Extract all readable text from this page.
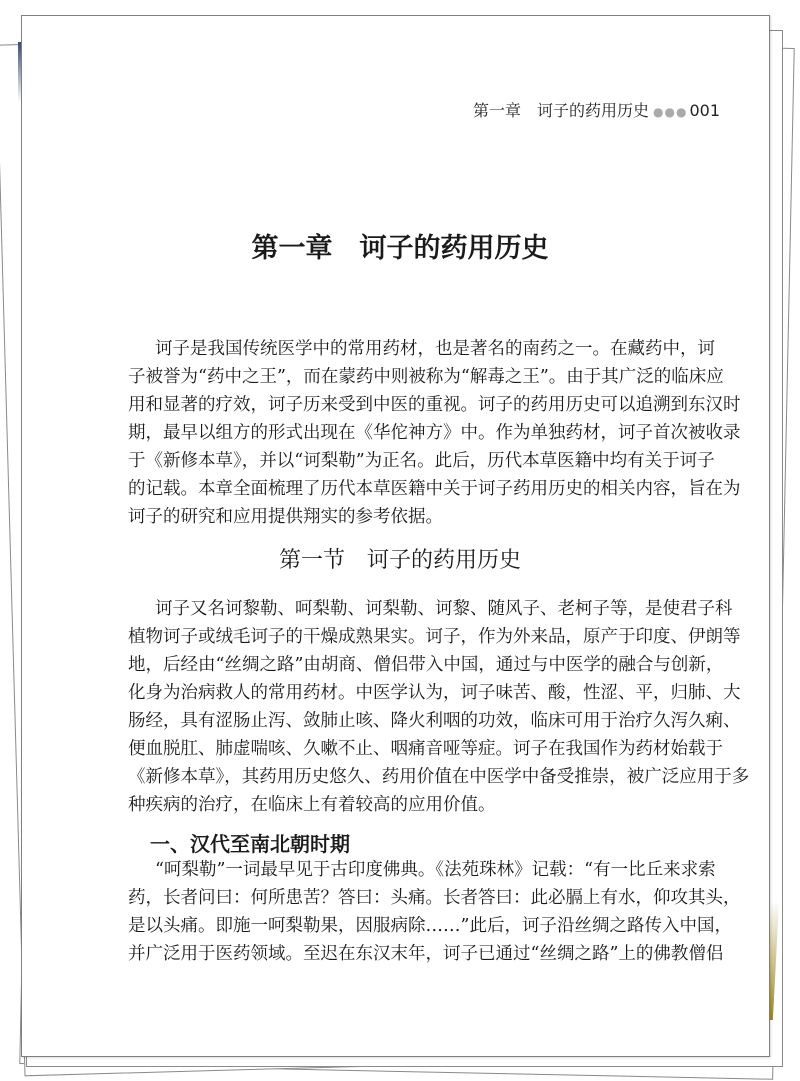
第一章　 诃子的药用历史 ●●● 001
第一章　诃子的药用历史
诃子是我国传统医学中的常用药材，也是著名的南药之一。在藏药中，诃
子被誉为“药中之王”，而在蒙药中则被称为“解毒之王”。由于其广泛的临床应
用和显著的疗效，诃子历来受到中医的重视。诃子的药用历史可以追溯到东汉时
期，最早以组方的形式出现在《华佗神方》中。作为单独药材，诃子首次被收录
于《新修本草》，并以“诃梨勒”为正名。此后，历代本草医籍中均有关于诃子
的记载。本章全面梳理了历代本草医籍中关于诃子药用历史的相关内容，旨在为
诃子的研究和应用提供翔实的参考依据。
第一节　诃子的药用历史
诃子又名诃黎勒、呵梨勒、诃梨勒、诃黎、随风子、老柯子等，是使君子科
植物诃子或绒毛诃子的干燥成熟果实。诃子，作为外来品，原产于印度、伊朗等
地，后经由“丝绸之路”由胡商、僧侣带入中国，通过与中医学的融合与创新，
化身为治病救人的常用药材。中医学认为，诃子味苦、酸，性涩、平，归肺、大
肠经，具有涩肠止泻、敛肺止咳、降火利咽的功效，临床可用于治疗久泻久痢、
便血脱肛、肺虚喘咳、久嗽不止、咽痛音哑等症。诃子在我国作为药材始载于
《新修本草》，其药用历史悠久、药用价值在中医学中备受推崇，被广泛应用于多
种疾病的治疗，在临床上有着较高的应用价值。
一、汉代至南北朝时期
“呵梨勒”一词最早见于古印度佛典。《法苑珠林》记载：“有一比丘来求索
药，长者问曰：何所患苦？答曰：头痛。长者答曰：此必膈上有水，仰攻其头，
是以头痛。即施一呵梨勒果，因服病除……”此后，诃子沿丝绸之路传入中国，
并广泛用于医药领域。至迟在东汉末年，诃子已通过“丝绸之路”上的佛教僧侣
